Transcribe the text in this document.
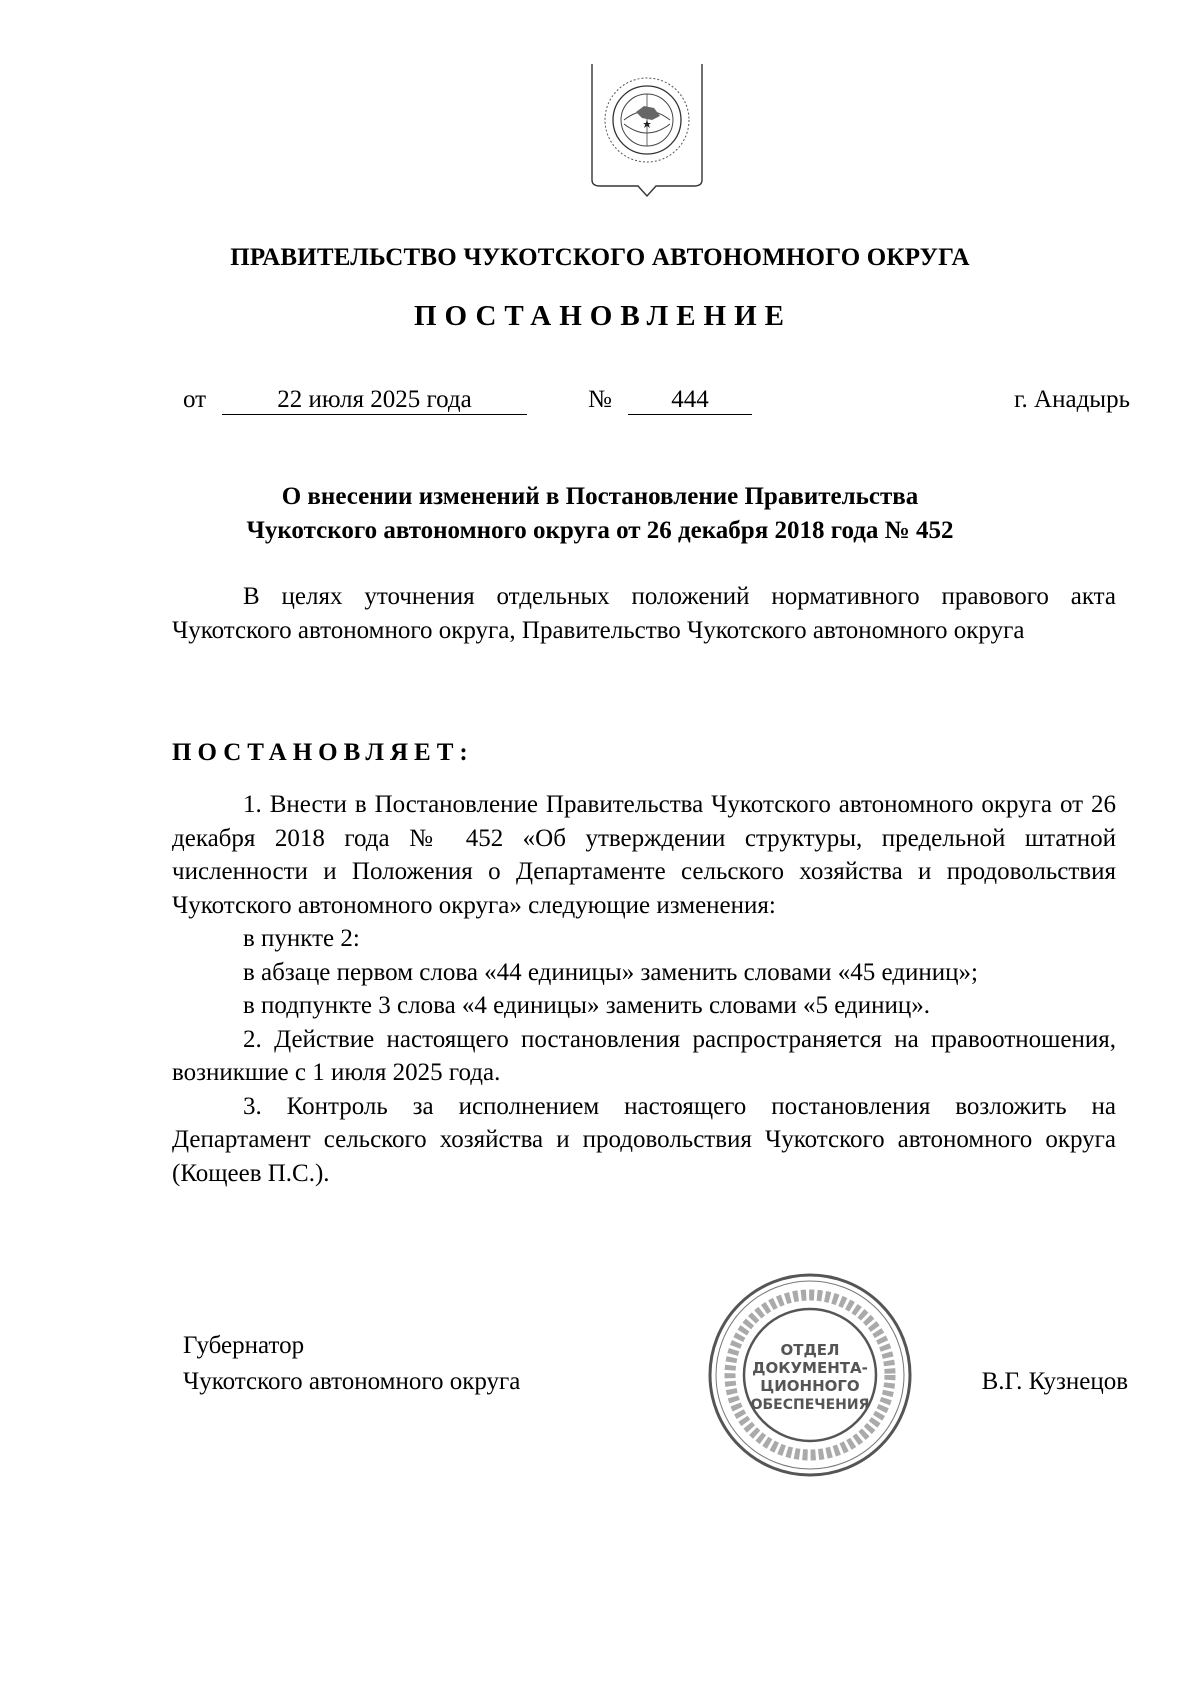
ПРАВИТЕЛЬСТВО ЧУКОТСКОГО АВТОНОМНОГО ОКРУГА
ПОСТАНОВЛЕНИЕ
от	22 июля 2025 года	№	444	г. Анадырь
О внесении изменений в Постановление Правительства
Чукотского автономного округа от 26 декабря 2018 года № 452

В целях уточнения отдельных положений нормативного правового акта Чукотского автономного округа, Правительство Чукотского автономного округа

ПОСТАНОВЛЯЕТ:

1. Внести в Постановление Правительства Чукотского автономного округа от 26 декабря 2018 года № 452 «Об утверждении структуры, предельной штатной численности и Положения о Департаменте сельского хозяйства и продовольствия Чукотского автономного округа» следующие изменения:

в пункте 2:

в абзаце первом слова «44 единицы» заменить словами «45 единиц»;

в подпункте 3 слова «4 единицы» заменить словами «5 единиц».

2. Действие настоящего постановления распространяется на правоотношения, возникшие с 1 июля 2025 года.

3. Контроль за исполнением настоящего постановления возложить на Департамент сельского хозяйства и продовольствия Чукотского автономного округа (Кощеев П.С.).

Губернатор
Чукотского автономного округа
ОТДЕЛ
ДОКУМЕНТА-
ЦИОННОГО
ОБЕСПЕЧЕНИЯ
В.Г. Кузнецов
